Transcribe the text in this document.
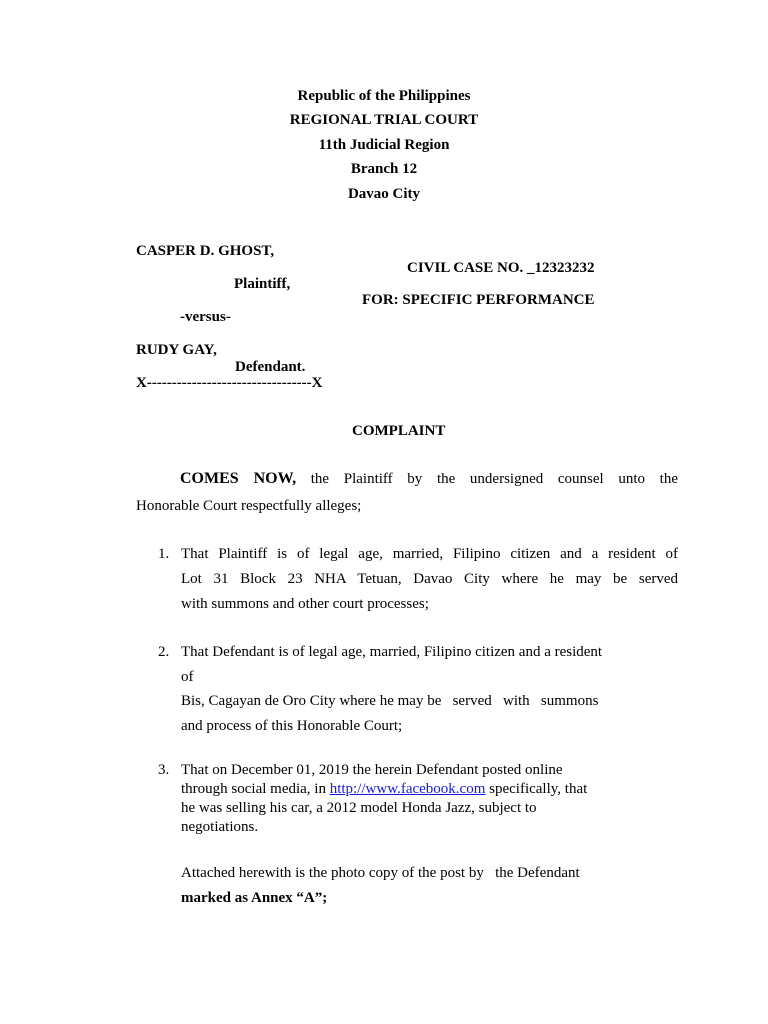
Republic of the Philippines
REGIONAL TRIAL COURT
11th Judicial Region
Branch 12
Davao City
CASPER D. GHOST,
CIVIL CASE NO. _12323232
Plaintiff,
FOR: SPECIFIC PERFORMANCE
-versus-
RUDY GAY,
Defendant.
X---------------------------------X
COMPLAINT
COMES NOW, the Plaintiff by the undersigned counsel unto the
Honorable Court respectfully alleges;
1. That Plaintiff is of legal age, married, Filipino citizen and a resident of
Lot 31 Block 23 NHA Tetuan, Davao City where he may be served
with summons and other court processes;
2. That Defendant is of legal age, married, Filipino citizen and a resident
of
Bis, Cagayan de Oro City where he may be   served   with   summons
and process of this Honorable Court;
3. That on December 01, 2019 the herein Defendant posted online
through social media, in http://www.facebook.com specifically, that
he was selling his car, a 2012 model Honda Jazz, subject to
negotiations.
Attached herewith is the photo copy of the post by   the Defendant
marked as Annex “A”;
